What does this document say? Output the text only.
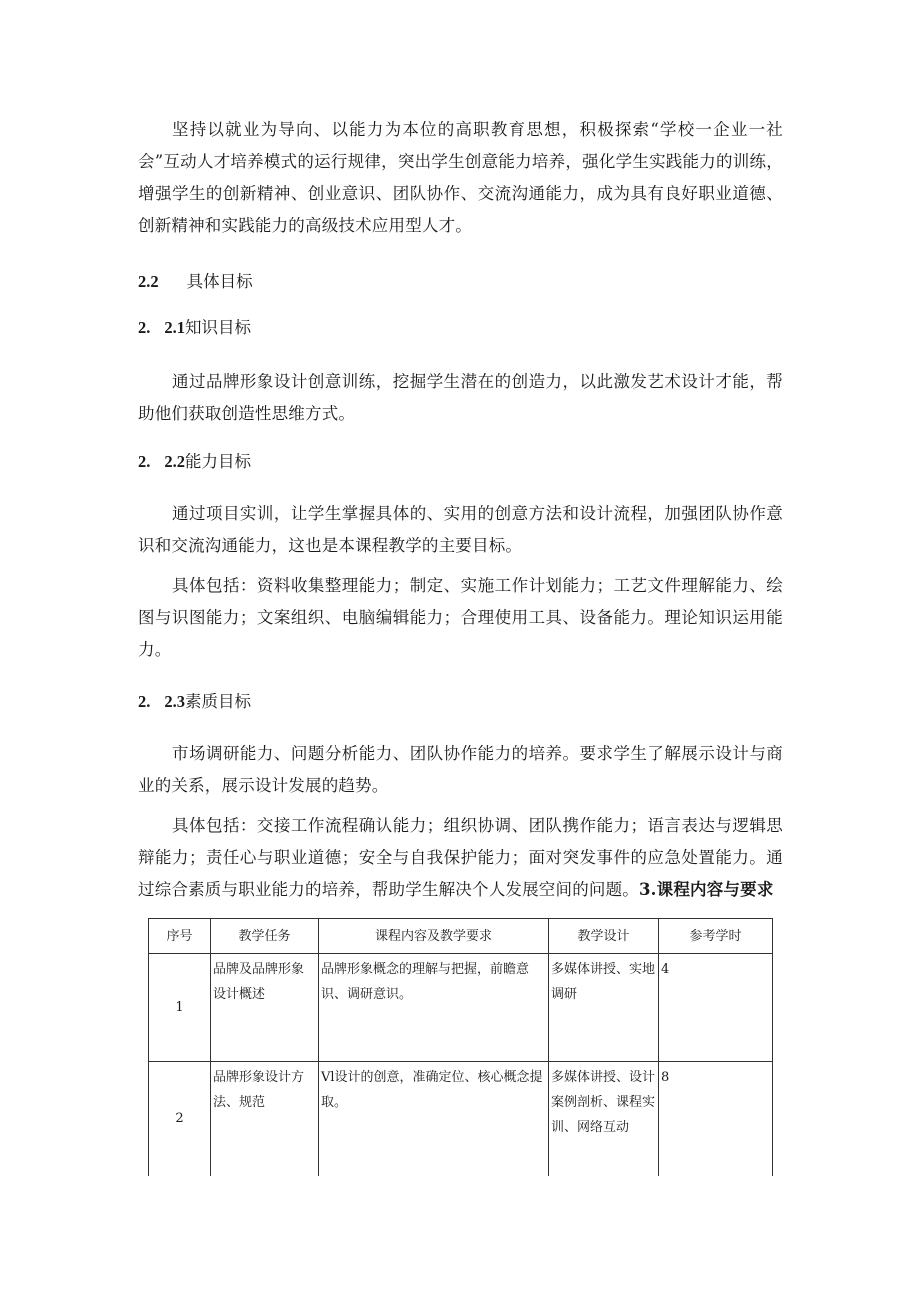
坚持以就业为导向、以能力为本位的高职教育思想，积极探索“学校一企业一社会”互动人才培养模式的运行规律，突出学生创意能力培养，强化学生实践能力的训练，增强学生的创新精神、创业意识、团队协作、交流沟通能力，成为具有良好职业道德、创新精神和实践能力的高级技术应用型人才。

2.2 具体目标
2. 2.1知识目标

通过品牌形象设计创意训练，挖掘学生潜在的创造力，以此激发艺术设计才能，帮助他们获取创造性思维方式。

2. 2.2能力目标

通过项目实训，让学生掌握具体的、实用的创意方法和设计流程，加强团队协作意识和交流沟通能力，这也是本课程教学的主要目标。

具体包括：资料收集整理能力；制定、实施工作计划能力；工艺文件理解能力、绘图与识图能力；文案组织、电脑编辑能力；合理使用工具、设备能力。理论知识运用能力。

2. 2.3素质目标

市场调研能力、问题分析能力、团队协作能力的培养。要求学生了解展示设计与商业的关系，展示设计发展的趋势。

具体包括：交接工作流程确认能力；组织协调、团队携作能力；语言表达与逻辑思辩能力；责任心与职业道德；安全与自我保护能力；面对突发事件的应急处置能力。通过综合素质与职业能力的培养，帮助学生解决个人发展空间的问题。3.课程内容与要求

序号	教学任务	课程内容及教学要求	教学设计	参考学时
1	品牌及品牌形象设计概述	品牌形象概念的理解与把握，前瞻意识、调研意识。	多媒体讲授、实地调研	4
2	品牌形象设计方法、规范	Vl设计的创意，准确定位、核心概念提取。	多媒体讲授、设计案例剖析、课程实训、网络互动	8
